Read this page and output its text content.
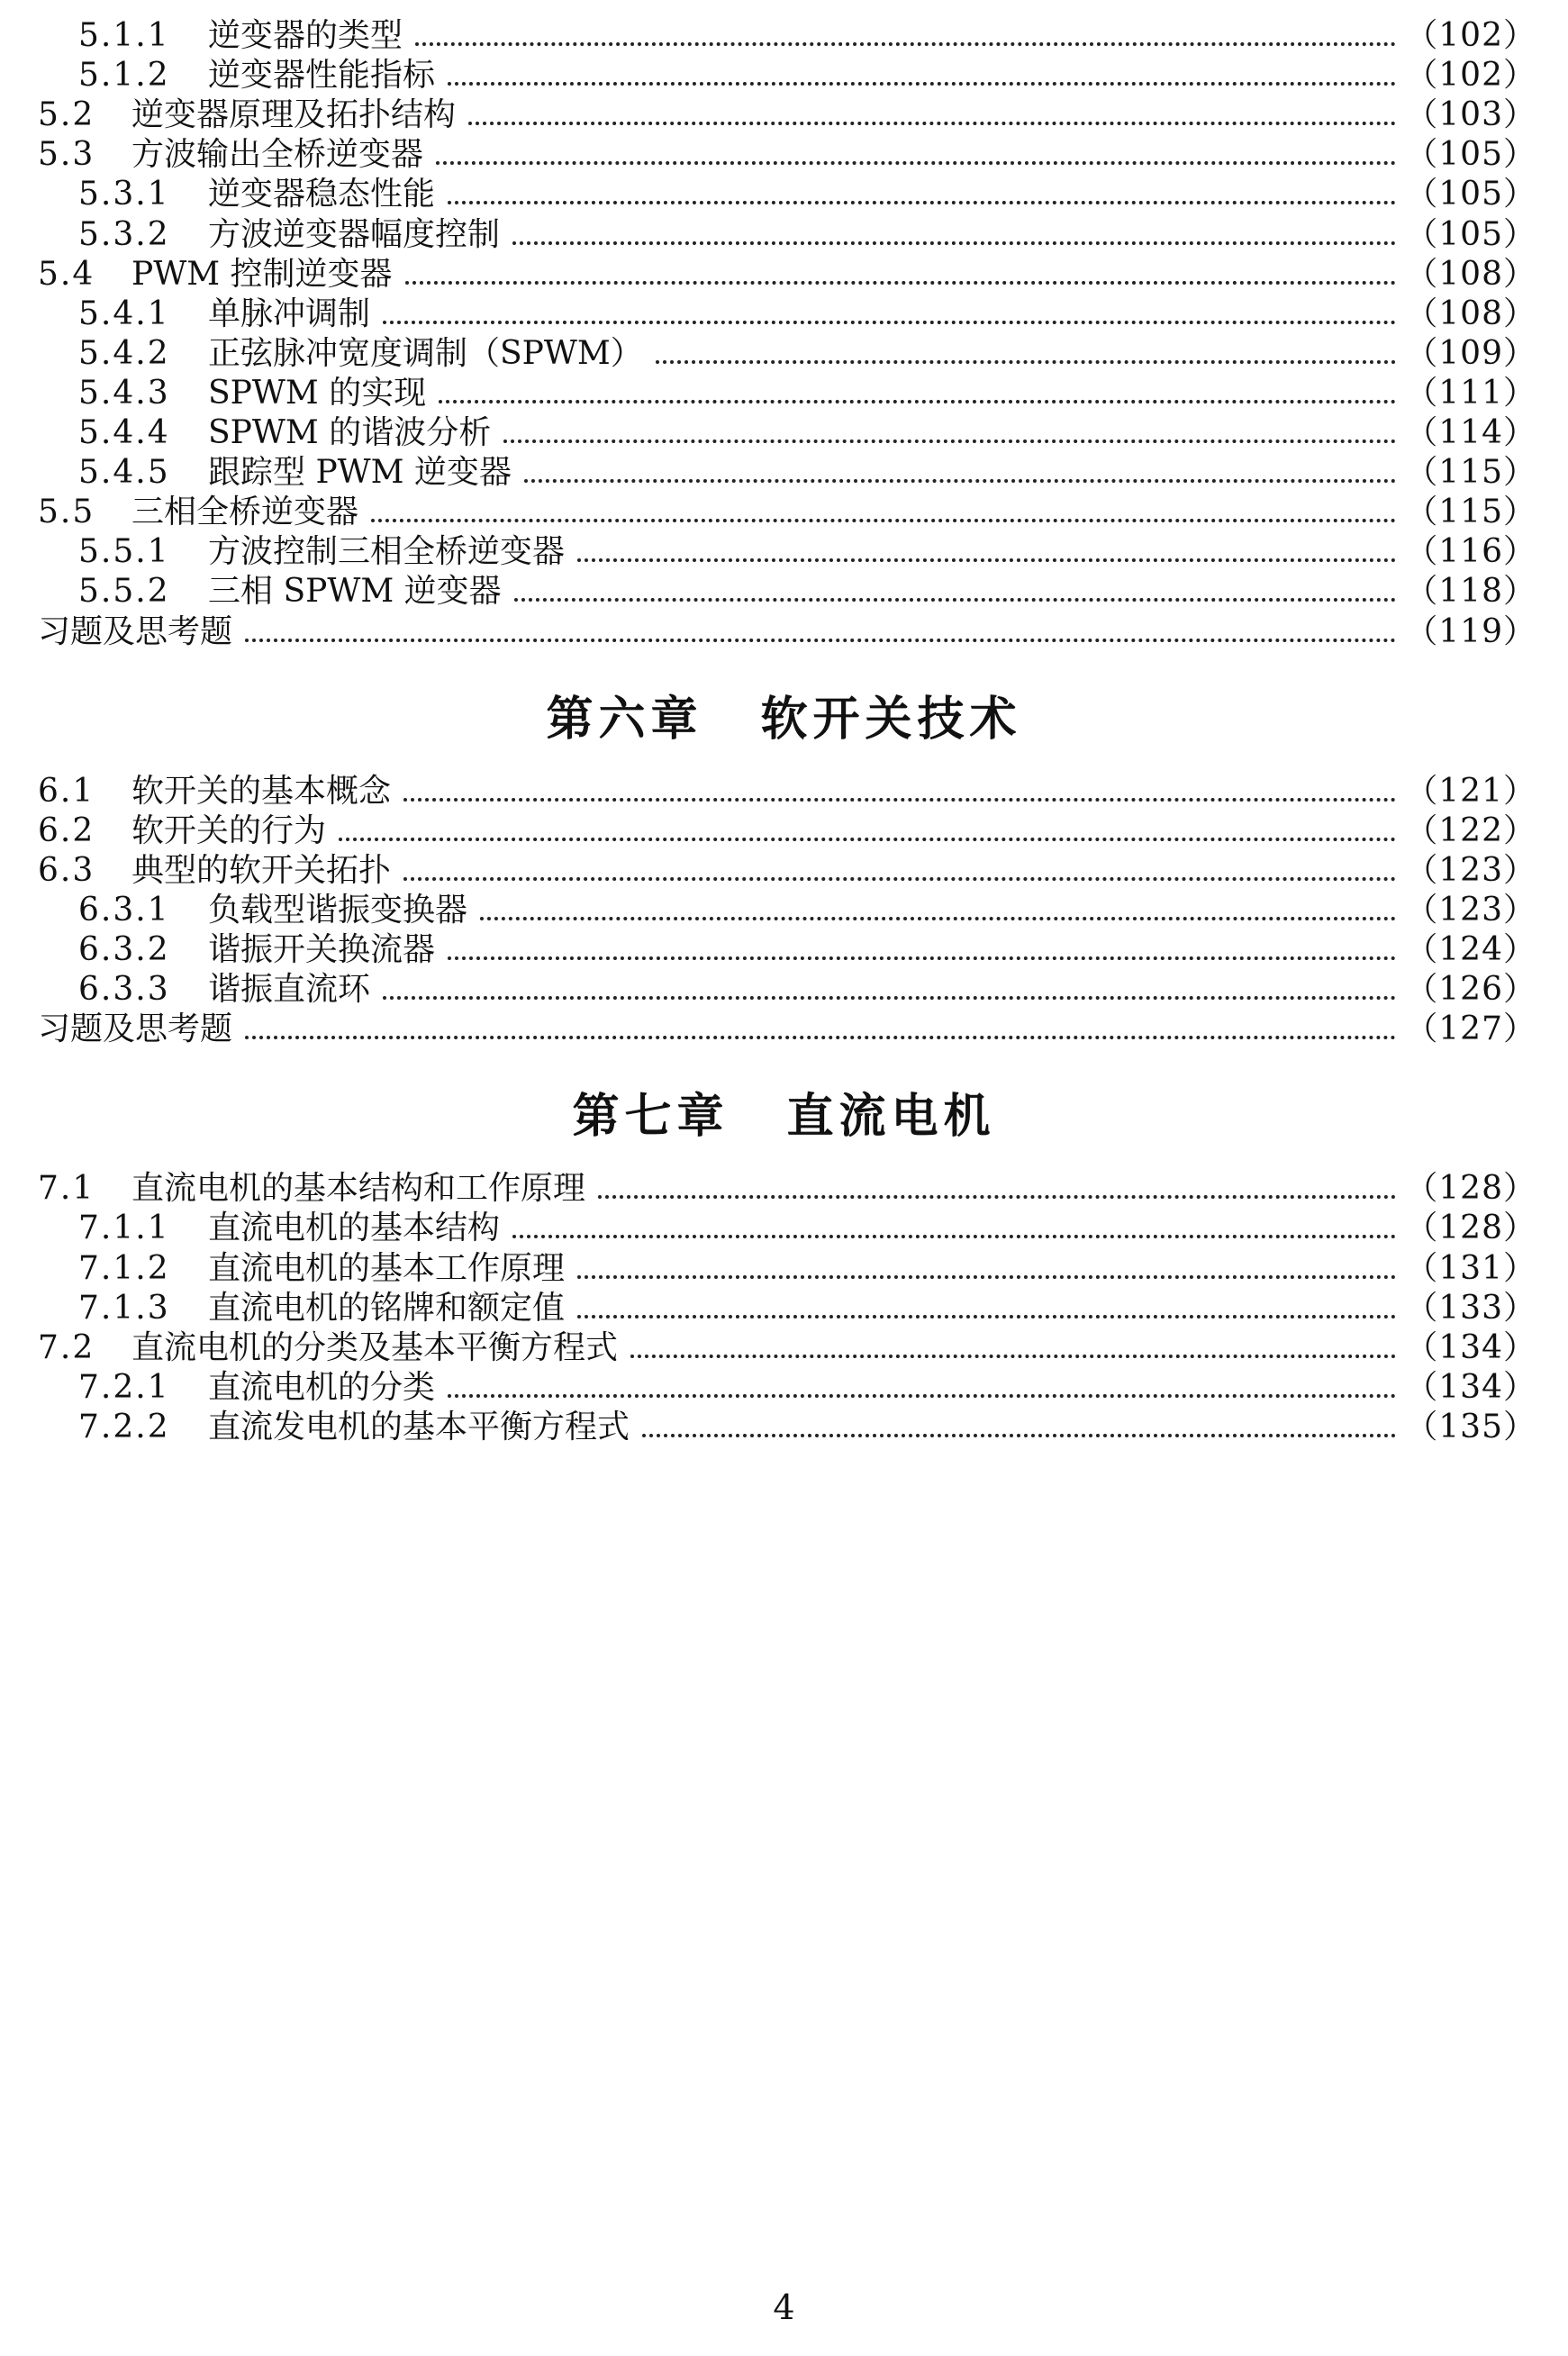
5.1.1	逆变器的类型	（102）
5.1.2	逆变器性能指标	（102）
5.2	逆变器原理及拓扑结构	（103）
5.3	方波输出全桥逆变器	（105）
5.3.1	逆变器稳态性能	（105）
5.3.2	方波逆变器幅度控制	（105）
5.4	PWM 控制逆变器	（108）
5.4.1	单脉冲调制	（108）
5.4.2	正弦脉冲宽度调制（SPWM）	（109）
5.4.3	SPWM 的实现	（111）
5.4.4	SPWM 的谐波分析	（114）
5.4.5	跟踪型 PWM 逆变器	（115）
5.5	三相全桥逆变器	（115）
5.5.1	方波控制三相全桥逆变器	（116）
5.5.2	三相 SPWM 逆变器	（118）
习题及思考题	（119）
第六章 软开关技术
6.1	软开关的基本概念	（121）
6.2	软开关的行为	（122）
6.3	典型的软开关拓扑	（123）
6.3.1	负载型谐振变换器	（123）
6.3.2	谐振开关换流器	（124）
6.3.3	谐振直流环	（126）
习题及思考题	（127）
第七章 直流电机
7.1	直流电机的基本结构和工作原理	（128）
7.1.1	直流电机的基本结构	（128）
7.1.2	直流电机的基本工作原理	（131）
7.1.3	直流电机的铭牌和额定值	（133）
7.2	直流电机的分类及基本平衡方程式	（134）
7.2.1	直流电机的分类	（134）
7.2.2	直流发电机的基本平衡方程式	（135）
4
